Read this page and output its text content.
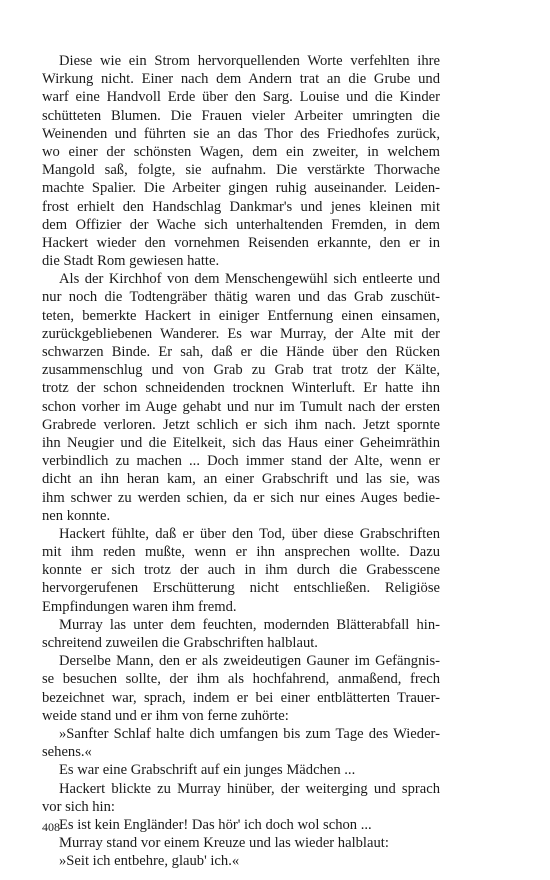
Diese wie ein Strom hervorquellenden Worte verfehlten ihre
Wirkung nicht. Einer nach dem Andern trat an die Grube und
warf eine Handvoll Erde über den Sarg. Louise und die Kinder
schütteten Blumen. Die Frauen vieler Arbeiter umringten die
Weinenden und führten sie an das Thor des Friedhofes zurück,
wo einer der schönsten Wagen, dem ein zweiter, in welchem
Mangold saß, folgte, sie aufnahm. Die verstärkte Thorwache
machte Spalier. Die Arbeiter gingen ruhig auseinander. Leiden-
frost erhielt den Handschlag Dankmar's und jenes kleinen mit
dem Offizier der Wache sich unterhaltenden Fremden, in dem
Hackert wieder den vornehmen Reisenden erkannte, den er in
die Stadt Rom gewiesen hatte.
Als der Kirchhof von dem Menschengewühl sich entleerte und
nur noch die Todtengräber thätig waren und das Grab zuschüt-
teten, bemerkte Hackert in einiger Entfernung einen einsamen,
zurückgebliebenen Wanderer. Es war Murray, der Alte mit der
schwarzen Binde. Er sah, daß er die Hände über den Rücken
zusammenschlug und von Grab zu Grab trat trotz der Kälte,
trotz der schon schneidenden trocknen Winterluft. Er hatte ihn
schon vorher im Auge gehabt und nur im Tumult nach der ersten
Grabrede verloren. Jetzt schlich er sich ihm nach. Jetzt spornte
ihn Neugier und die Eitelkeit, sich das Haus einer Geheimräthin
verbindlich zu machen ... Doch immer stand der Alte, wenn er
dicht an ihn heran kam, an einer Grabschrift und las sie, was
ihm schwer zu werden schien, da er sich nur eines Auges bedie-
nen konnte.
Hackert fühlte, daß er über den Tod, über diese Grabschriften
mit ihm reden mußte, wenn er ihn ansprechen wollte. Dazu
konnte er sich trotz der auch in ihm durch die Grabesscene
hervorgerufenen Erschütterung nicht entschließen. Religiöse
Empfindungen waren ihm fremd.
Murray las unter dem feuchten, modernden Blätterabfall hin-
schreitend zuweilen die Grabschriften halblaut.
Derselbe Mann, den er als zweideutigen Gauner im Gefängnis-
se besuchen sollte, der ihm als hochfahrend, anmaßend, frech
bezeichnet war, sprach, indem er bei einer entblätterten Trauer-
weide stand und er ihm von ferne zuhörte:
»Sanfter Schlaf halte dich umfangen bis zum Tage des Wieder-
sehens.«
Es war eine Grabschrift auf ein junges Mädchen ...
Hackert blickte zu Murray hinüber, der weiterging und sprach
vor sich hin:
Es ist kein Engländer! Das hör' ich doch wol schon ...
Murray stand vor einem Kreuze und las wieder halblaut:
»Seit ich entbehre, glaub' ich.«
408
